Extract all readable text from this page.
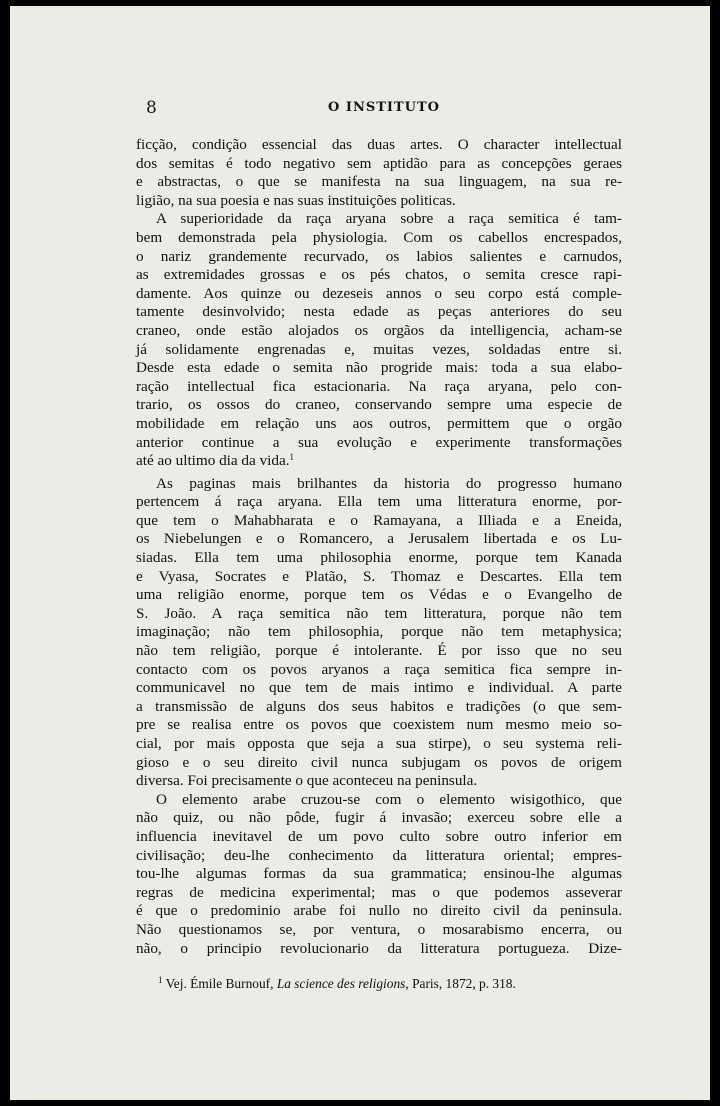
8	O INSTITUTO

ficção, condição essencial das duas artes. O character intellectual
dos semitas é todo negativo sem aptidão para as concepções geraes
e abstractas, o que se manifesta na sua linguagem, na sua re-
ligião, na sua poesia e nas suas instituições politicas.

A superioridade da raça aryana sobre a raça semitica é tam-
bem demonstrada pela physiologia. Com os cabellos encrespados,
o nariz grandemente recurvado, os labios salientes e carnudos,
as extremidades grossas e os pés chatos, o semita cresce rapi-
damente. Aos quinze ou dezeseis annos o seu corpo está comple-
tamente desinvolvido; nesta edade as peças anteriores do seu
craneo, onde estão alojados os orgãos da intelligencia, acham-se
já solidamente engrenadas e, muitas vezes, soldadas entre si.
Desde esta edade o semita não progride mais: toda a sua elabo-
ração intellectual fica estacionaria. Na raça aryana, pelo con-
trario, os ossos do craneo, conservando sempre uma especie de
mobilidade em relação uns aos outros, permittem que o orgão
anterior continue a sua evolução e experimente transformações
até ao ultimo dia da vida.$^1$

As paginas mais brilhantes da historia do progresso humano
pertencem á raça aryana. Ella tem uma litteratura enorme, por-
que tem o Mahabharata e o Ramayana, a Illiada e a Eneida,
os Niebelungen e o Romancero, a Jerusalem libertada e os Lu-
siadas. Ella tem uma philosophia enorme, porque tem Kanada
e Vyasa, Socrates e Platão, S. Thomaz e Descartes. Ella tem
uma religião enorme, porque tem os Védas e o Evangelho de
S. João. A raça semitica não tem litteratura, porque não tem
imaginação; não tem philosophia, porque não tem metaphysica;
não tem religião, porque é intolerante. É por isso que no seu
contacto com os povos aryanos a raça semitica fica sempre in-
communicavel no que tem de mais intimo e individual. A parte
a transmissão de alguns dos seus habitos e tradições (o que sem-
pre se realisa entre os povos que coexistem num mesmo meio so-
cial, por mais opposta que seja a sua stirpe), o seu systema reli-
gioso e o seu direito civil nunca subjugam os povos de origem
diversa. Foi precisamente o que aconteceu na peninsula.

O elemento arabe cruzou-se com o elemento wisigothico, que
não quiz, ou não pôde, fugir á invasão; exerceu sobre elle a
influencia inevitavel de um povo culto sobre outro inferior em
civilisação; deu-lhe conhecimento da litteratura oriental; empres-
tou-lhe algumas formas da sua grammatica; ensinou-lhe algumas
regras de medicina experimental; mas o que podemos asseverar
é que o predominio arabe foi nullo no direito civil da peninsula.
Não questionamos se, por ventura, o mosarabismo encerra, ou
não, o principio revolucionario da litteratura portugueza. Dize-

$^1$ Vej. Émile Burnouf, La science des religions, Paris, 1872, p. 318.
